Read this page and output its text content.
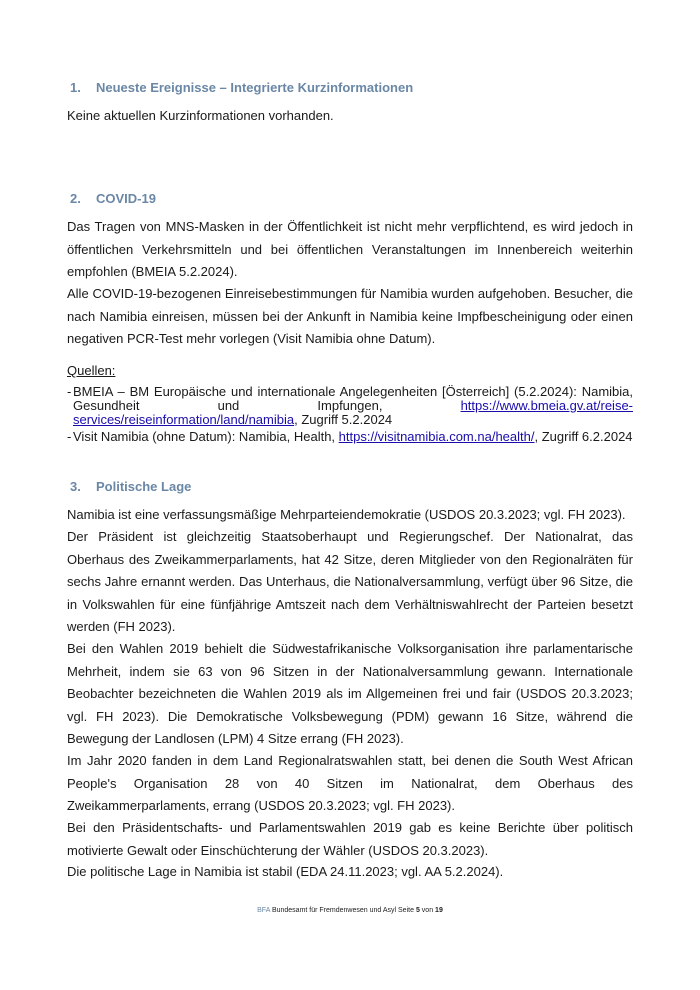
1.	Neueste Ereignisse – Integrierte Kurzinformationen

Keine aktuellen Kurzinformationen vorhanden.

2.	COVID-19

Das Tragen von MNS-Masken in der Öffentlichkeit ist nicht mehr verpflichtend, es wird jedoch in öffentlichen Verkehrsmitteln und bei öffentlichen Veranstaltungen im Innenbereich weiterhin empfohlen (BMEIA 5.2.2024).

Alle COVID-19-bezogenen Einreisebestimmungen für Namibia wurden aufgehoben. Besucher, die nach Namibia einreisen, müssen bei der Ankunft in Namibia keine Impfbescheinigung oder einen negativen PCR-Test mehr vorlegen (Visit Namibia ohne Datum).

Quellen:

- BMEIA – BM Europäische und internationale Angelegenheiten [Österreich] (5.2.2024): Namibia, Gesundheit und Impfungen,	https://www.bmeia.gv.at/reise-services/reiseinformation/land/namibia, Zugriff 5.2.2024

- Visit Namibia (ohne Datum): Namibia, Health, https://visitnamibia.com.na/health/, Zugriff 6.2.2024

3.	Politische Lage

Namibia ist eine verfassungsmäßige Mehrparteiendemokratie (USDOS 20.3.2023; vgl. FH 2023).

Der Präsident ist gleichzeitig Staatsoberhaupt und Regierungschef. Der Nationalrat, das Oberhaus des Zweikammerparlaments, hat 42 Sitze, deren Mitglieder von den Regionalräten für sechs Jahre ernannt werden. Das Unterhaus, die Nationalversammlung, verfügt über 96 Sitze, die in Volkswahlen für eine fünfjährige Amtszeit nach dem Verhältniswahlrecht der Parteien besetzt werden (FH 2023).

Bei den Wahlen 2019 behielt die Südwestafrikanische Volksorganisation ihre parlamentarische Mehrheit, indem sie 63 von 96 Sitzen in der Nationalversammlung gewann. Internationale Beobachter bezeichneten die Wahlen 2019 als im Allgemeinen frei und fair (USDOS 20.3.2023; vgl. FH 2023). Die Demokratische Volksbewegung (PDM) gewann 16 Sitze, während die Bewegung der Landlosen (LPM) 4 Sitze errang (FH 2023).

Im Jahr 2020 fanden in dem Land Regionalratswahlen statt, bei denen die South West African People's Organisation 28 von 40 Sitzen im Nationalrat, dem Oberhaus des Zweikammerparlaments, errang (USDOS 20.3.2023; vgl. FH 2023).

Bei den Präsidentschafts- und Parlamentswahlen 2019 gab es keine Berichte über politisch motivierte Gewalt oder Einschüchterung der Wähler (USDOS 20.3.2023).

Die politische Lage in Namibia ist stabil (EDA 24.11.2023; vgl. AA 5.2.2024).

BFA Bundesamt für Fremdenwesen und Asyl Seite 5 von 19
